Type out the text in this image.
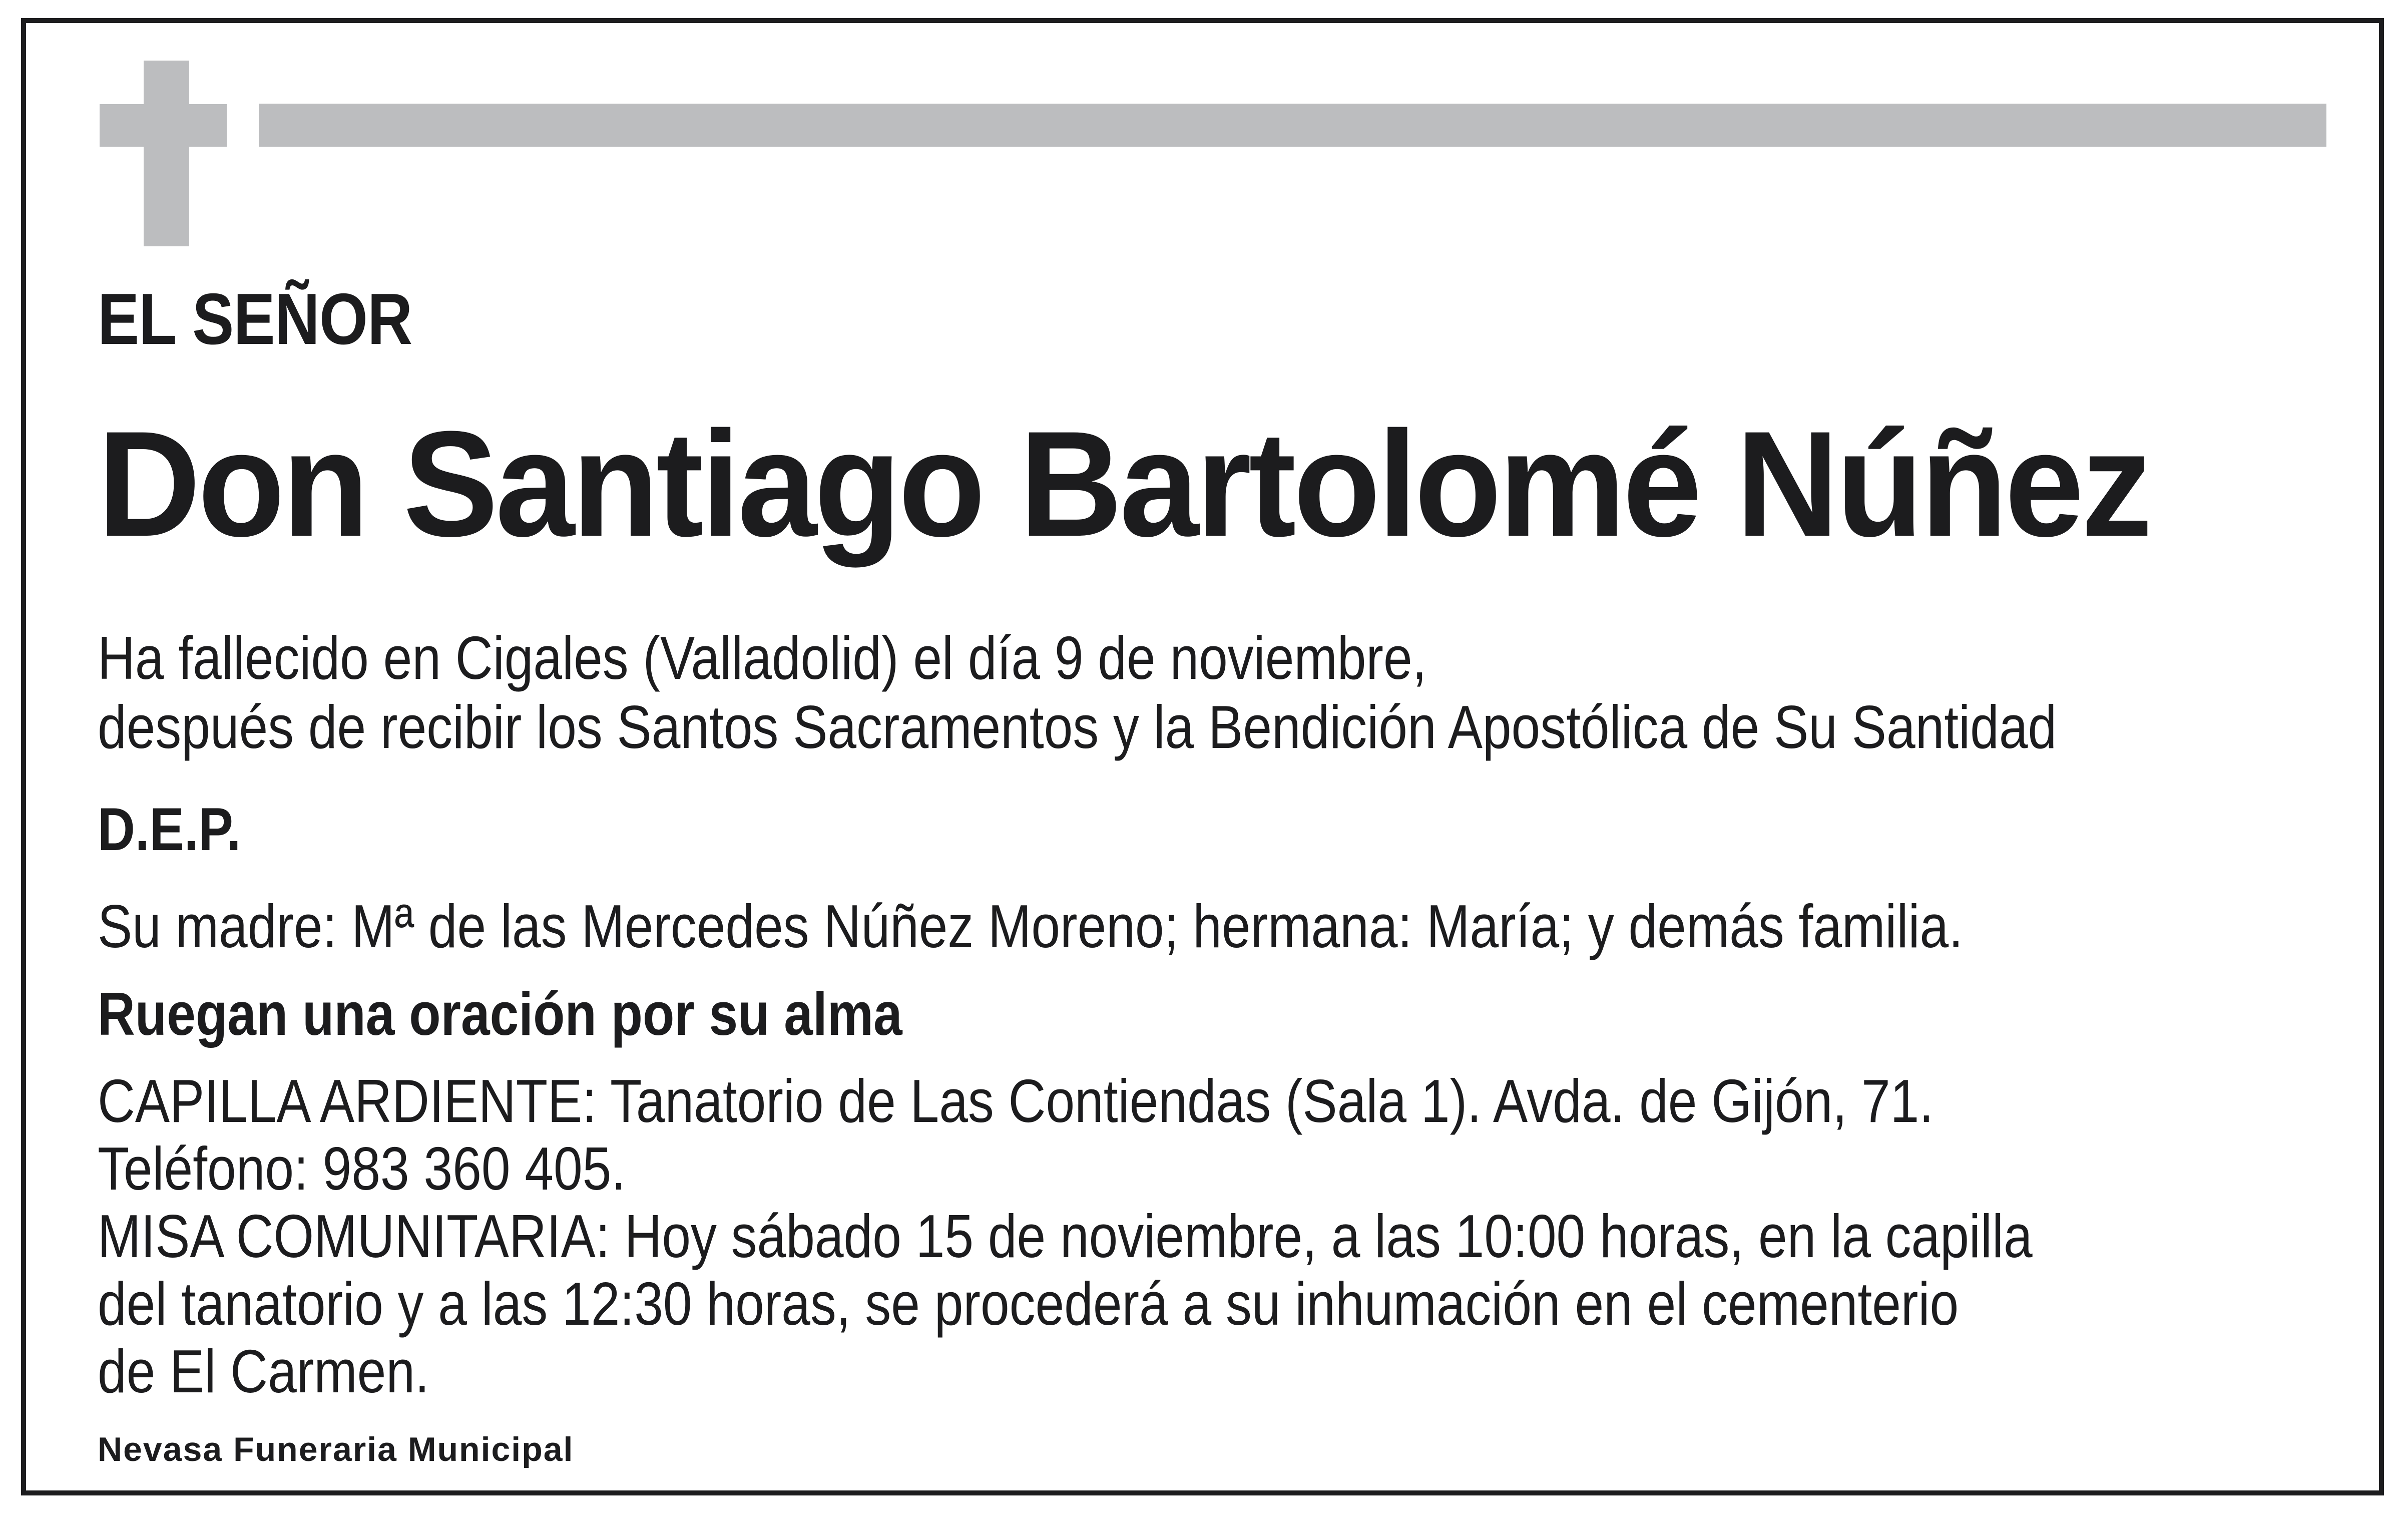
EL SEÑOR
Don Santiago Bartolomé Núñez
Ha fallecido en Cigales (Valladolid) el día 9 de noviembre,
después de recibir los Santos Sacramentos y la Bendición Apostólica de Su Santidad
D.E.P.
Su madre: Mª de las Mercedes Núñez Moreno; hermana: María; y demás familia.
Ruegan una oración por su alma
CAPILLA ARDIENTE: Tanatorio de Las Contiendas (Sala 1). Avda. de Gijón, 71.
Teléfono: 983 360 405.
MISA COMUNITARIA: Hoy sábado 15 de noviembre, a las 10:00 horas, en la capilla
del tanatorio y a las 12:30 horas, se procederá a su inhumación en el cementerio
de El Carmen.
Nevasa Funeraria Municipal
